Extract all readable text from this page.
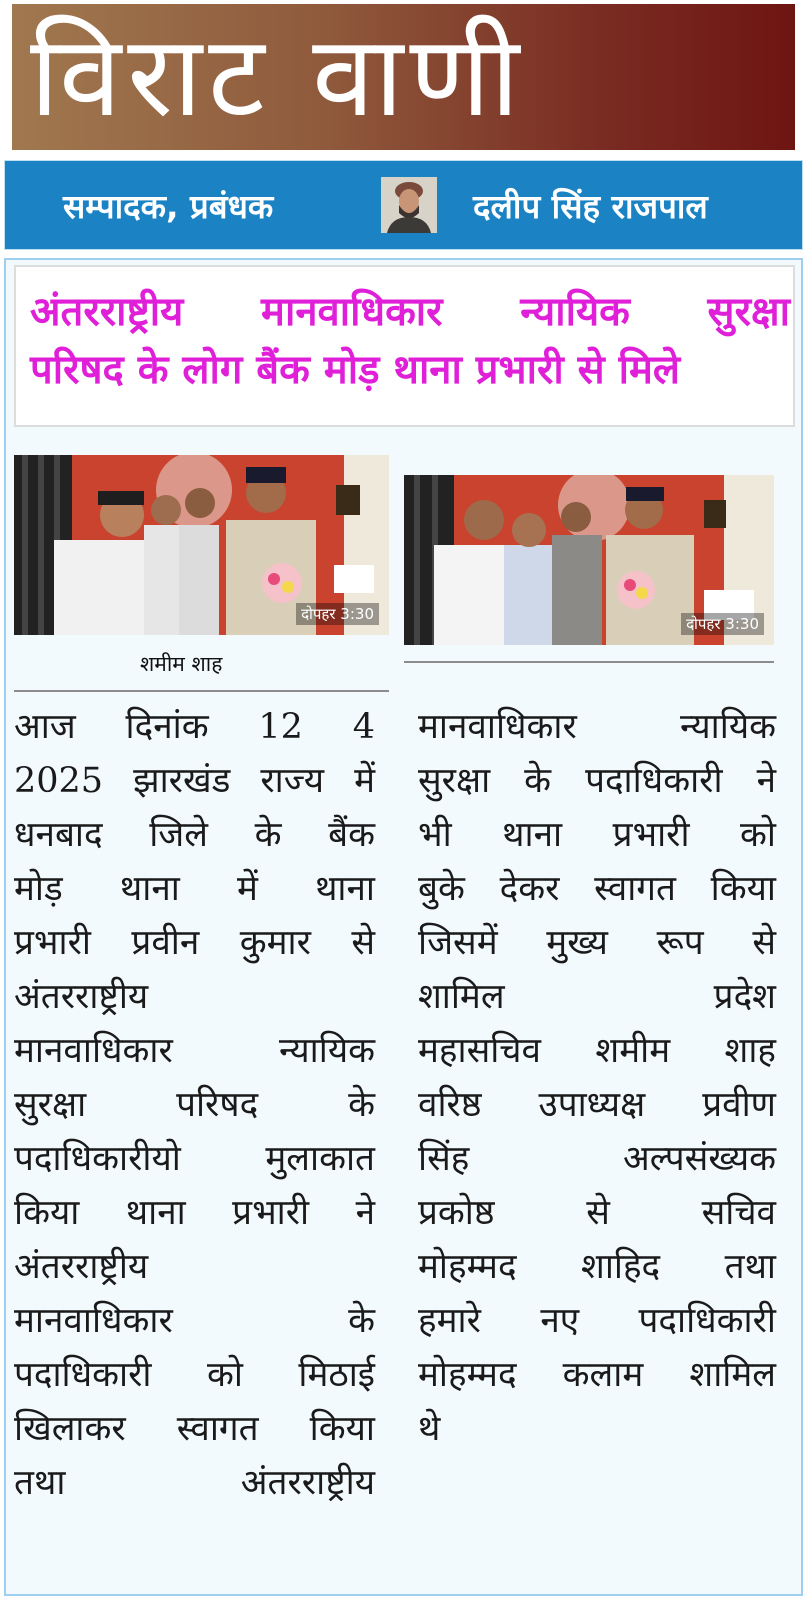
विराट वाणी
सम्पादक, प्रबंधक	दलीप सिंह राजपाल

अंतरराष्ट्रीय मानवाधिकार न्यायिक सुरक्षा
परिषद के लोग बैंक मोड़ थाना प्रभारी से मिले

दोपहर 3:30
शमीम शाह
दोपहर 3:30
आज दिनांक 12 4
2025 झारखंड राज्य में
धनबाद जिले के बैंक
मोड़ थाना में थाना
प्रभारी प्रवीन कुमार से
अंतरराष्ट्रीय
मानवाधिकार न्यायिक
सुरक्षा परिषद के
पदाधिकारीयो मुलाकात
किया थाना प्रभारी ने
अंतरराष्ट्रीय
मानवाधिकार के
पदाधिकारी को मिठाई
खिलाकर स्वागत किया
तथा अंतरराष्ट्रीय
मानवाधिकार न्यायिक
सुरक्षा के पदाधिकारी ने
भी थाना प्रभारी को
बुके देकर स्वागत किया
जिसमें मुख्य रूप से
शामिल प्रदेश
महासचिव शमीम शाह
वरिष्ठ उपाध्यक्ष प्रवीण
सिंह अल्पसंख्यक
प्रकोष्ठ से सचिव
मोहम्मद शाहिद तथा
हमारे नए पदाधिकारी
मोहम्मद कलाम शामिल
थे
